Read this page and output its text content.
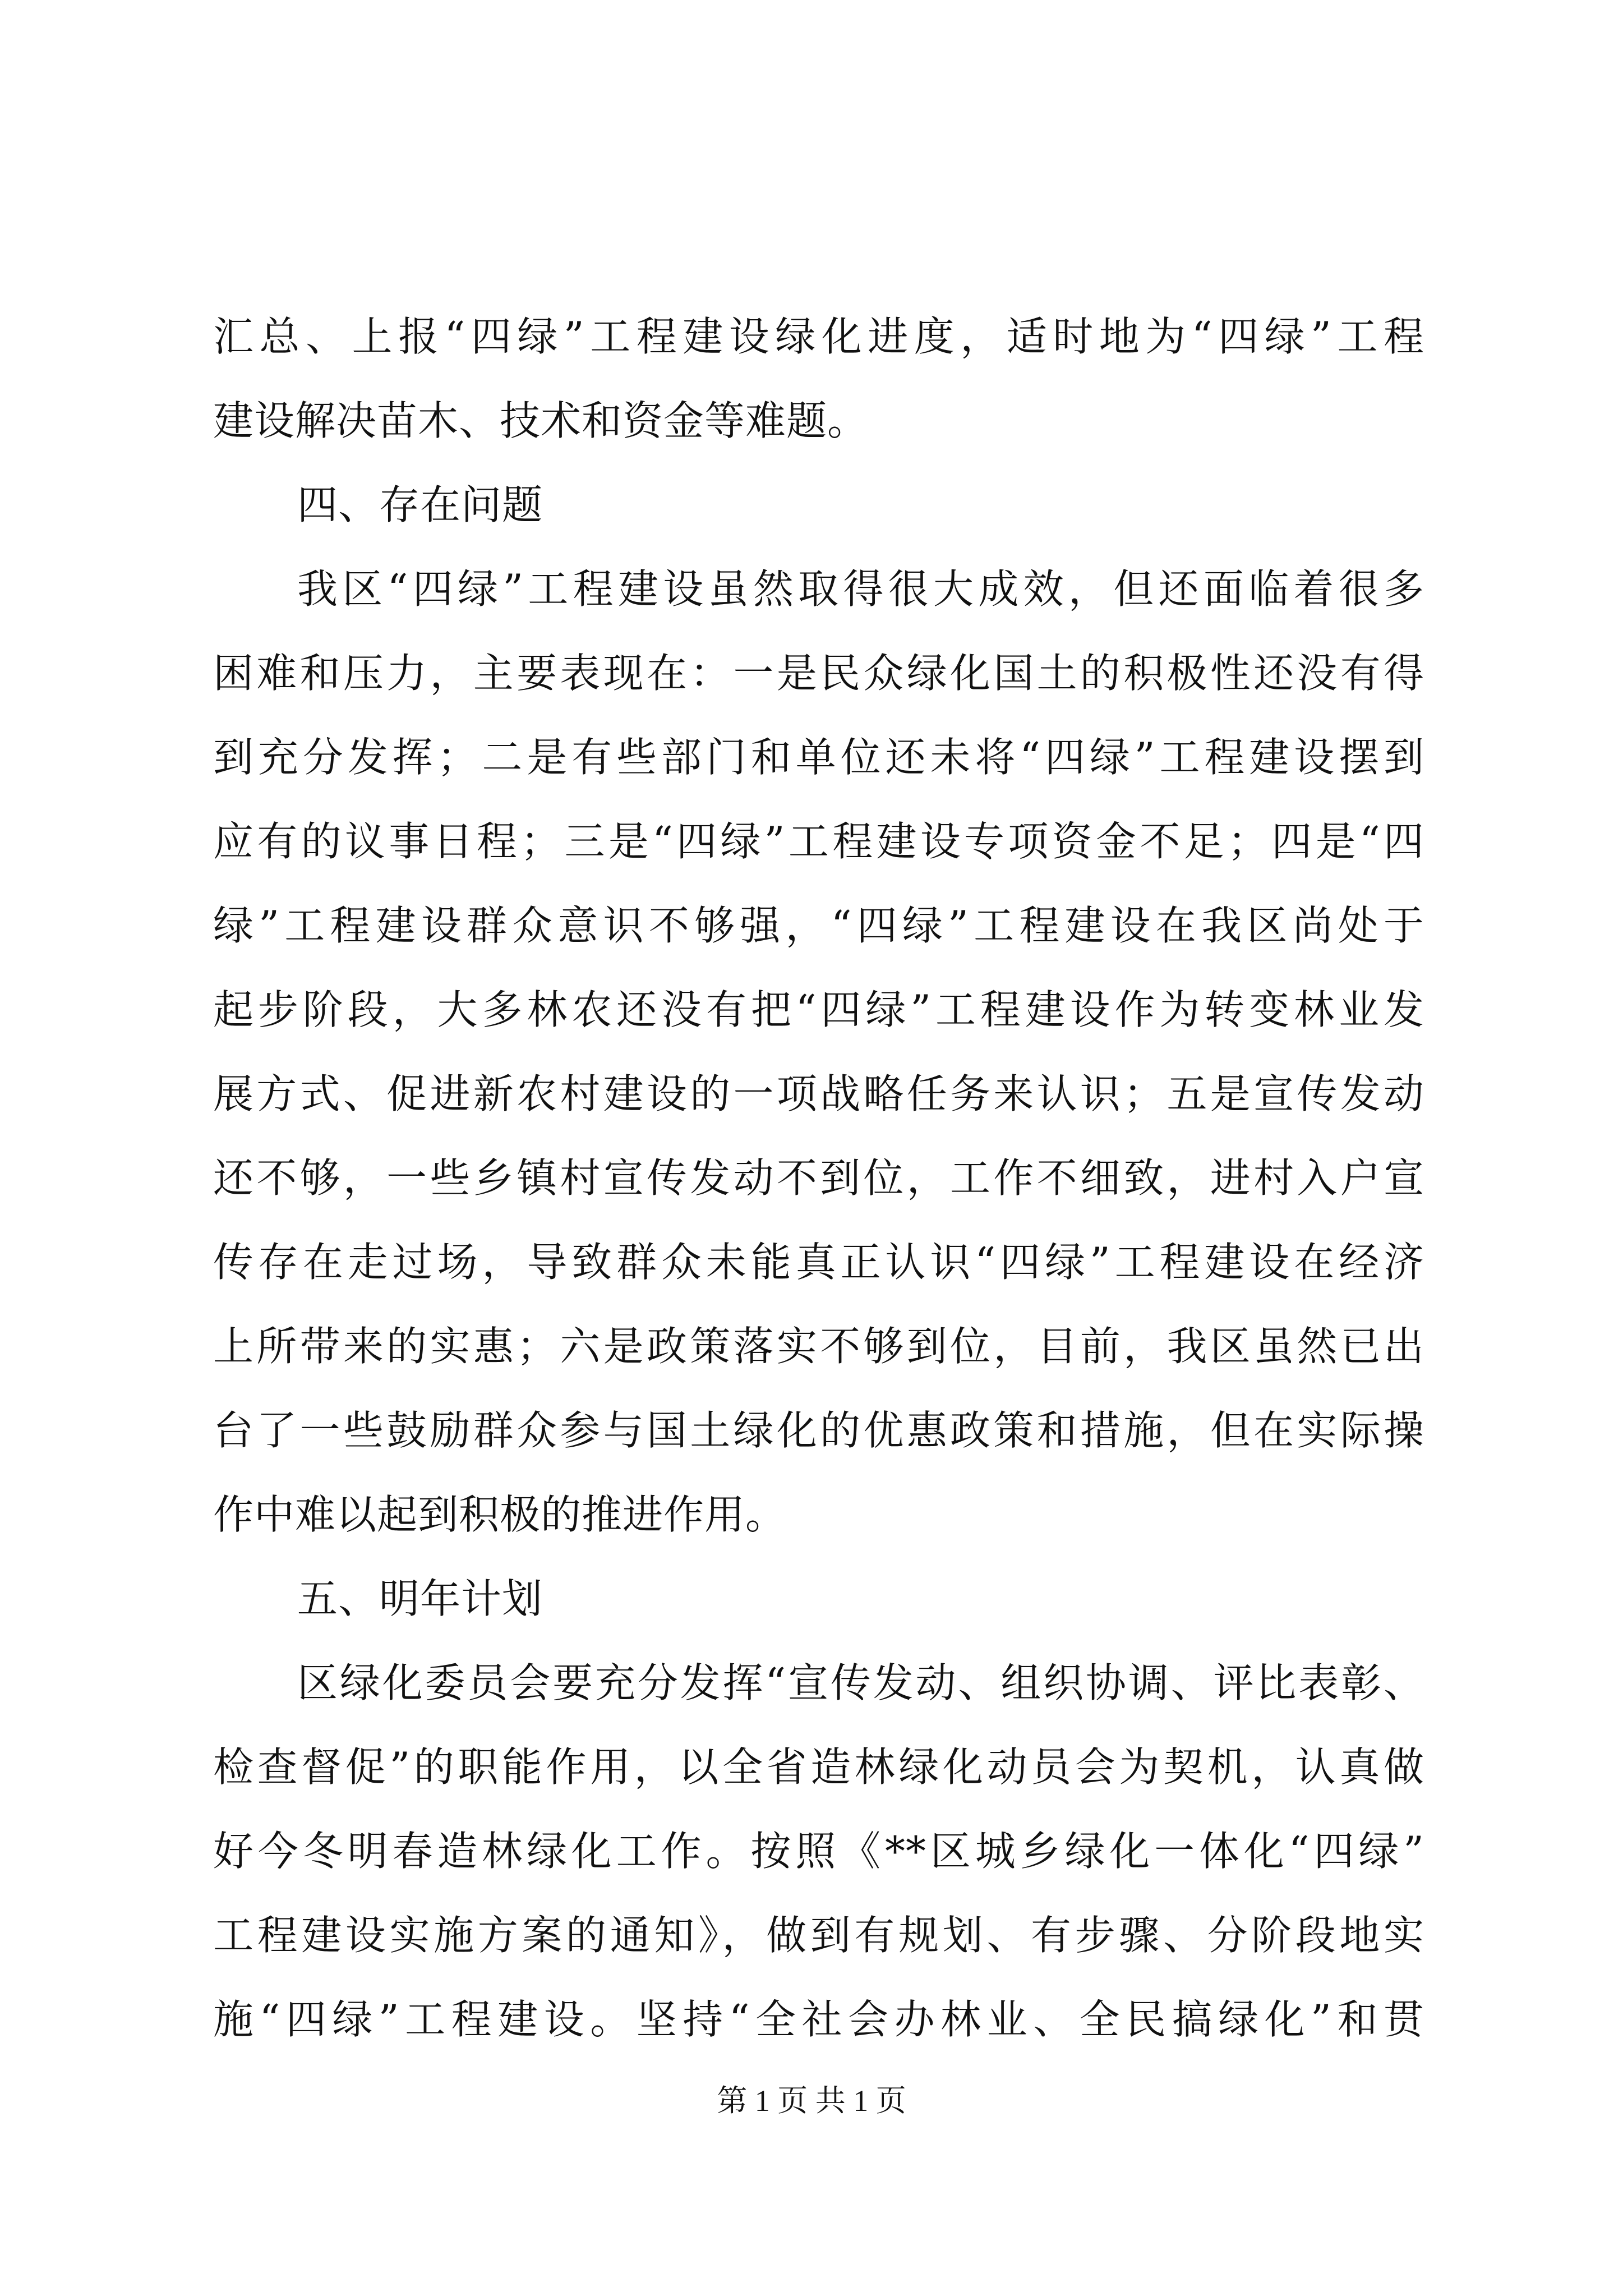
汇总、上报“四绿”工程建设绿化进度，适时地为“四绿”工程
建设解决苗木、技术和资金等难题。
四、存在问题
我区“四绿”工程建设虽然取得很大成效，但还面临着很多
困难和压力，主要表现在：一是民众绿化国土的积极性还没有得
到充分发挥；二是有些部门和单位还未将“四绿”工程建设摆到
应有的议事日程；三是“四绿”工程建设专项资金不足；四是“四
绿”工程建设群众意识不够强，“四绿”工程建设在我区尚处于
起步阶段，大多林农还没有把“四绿”工程建设作为转变林业发
展方式、促进新农村建设的一项战略任务来认识；五是宣传发动
还不够，一些乡镇村宣传发动不到位，工作不细致，进村入户宣
传存在走过场，导致群众未能真正认识“四绿”工程建设在经济
上所带来的实惠；六是政策落实不够到位，目前，我区虽然已出
台了一些鼓励群众参与国土绿化的优惠政策和措施，但在实际操
作中难以起到积极的推进作用。
五、明年计划
区绿化委员会要充分发挥“宣传发动、组织协调、评比表彰、
检查督促”的职能作用，以全省造林绿化动员会为契机，认真做
好今冬明春造林绿化工作。按照《**区城乡绿化一体化“四绿”
工程建设实施方案的通知》，做到有规划、有步骤、分阶段地实
施“四绿”工程建设。坚持“全社会办林业、全民搞绿化”和贯
第 1 页 共 1 页
